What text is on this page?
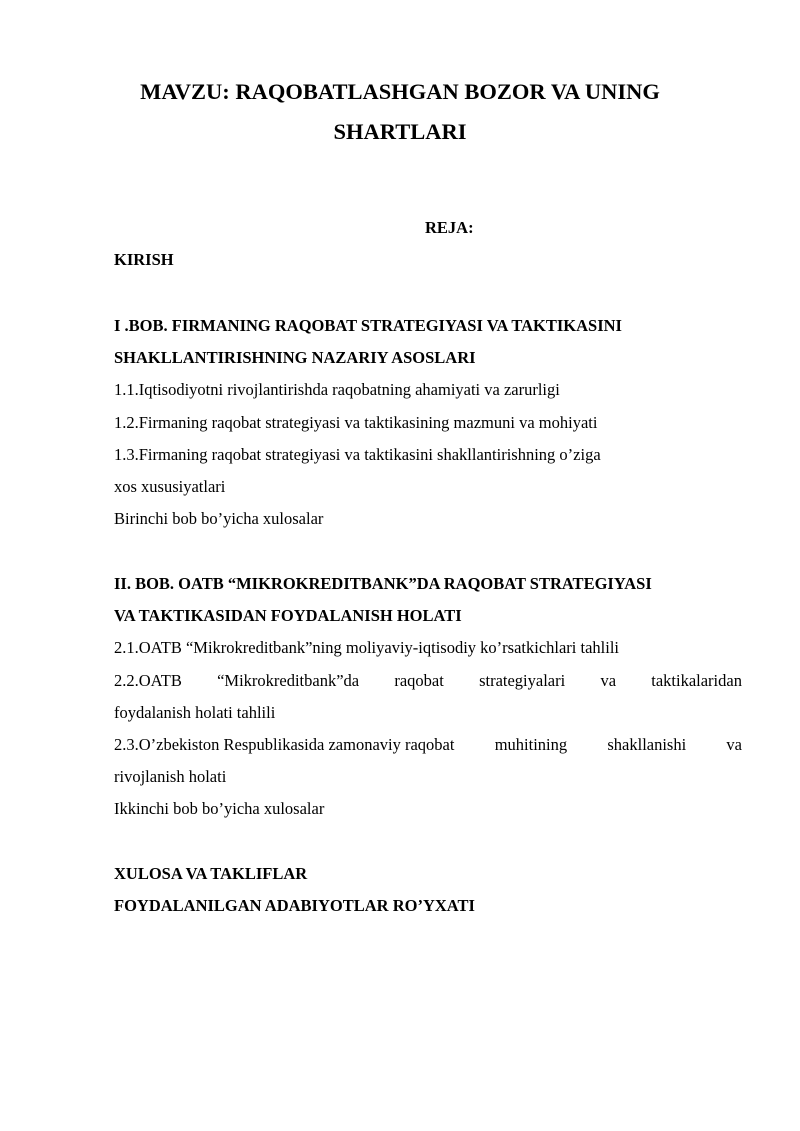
MAVZU: RAQOBATLASHGAN BOZOR VA UNING
SHARTLARI
REJA:
KIRISH
I .BOB. FIRMANING RAQOBAT STRATEGIYASI VA TAKTIKASINI
SHAKLLANTIRISHNING NAZARIY ASOSLARI
1.1.Iqtisodiyotni rivojlantirishda raqobatning ahamiyati va zarurligi
1.2.Firmaning raqobat strategiyasi va taktikasining mazmuni va mohiyati
1.3.Firmaning raqobat strategiyasi va taktikasini shakllantirishning o’ziga
xos xususiyatlari
Birinchi bob bo’yicha xulosalar
II. BOB. OATB “MIKROKREDITBANK”DA RAQOBAT STRATEGIYASI
VA TAKTIKASIDAN FOYDALANISH HOLATI
2.1.OATB “Mikrokreditbank”ning moliyaviy-iqtisodiy ko’rsatkichlari tahlili
2.2.OATB “Mikrokreditbank”da raqobat strategiyalari va taktikalaridan
foydalanish holati tahlili
2.3.O’zbekiston Respublikasida zamonaviy raqobat muhitining shakllanishi va
rivojlanish holati
Ikkinchi bob bo’yicha xulosalar
XULOSA VA TAKLIFLAR
FOYDALANILGAN ADABIYOTLAR RO’YXATI
